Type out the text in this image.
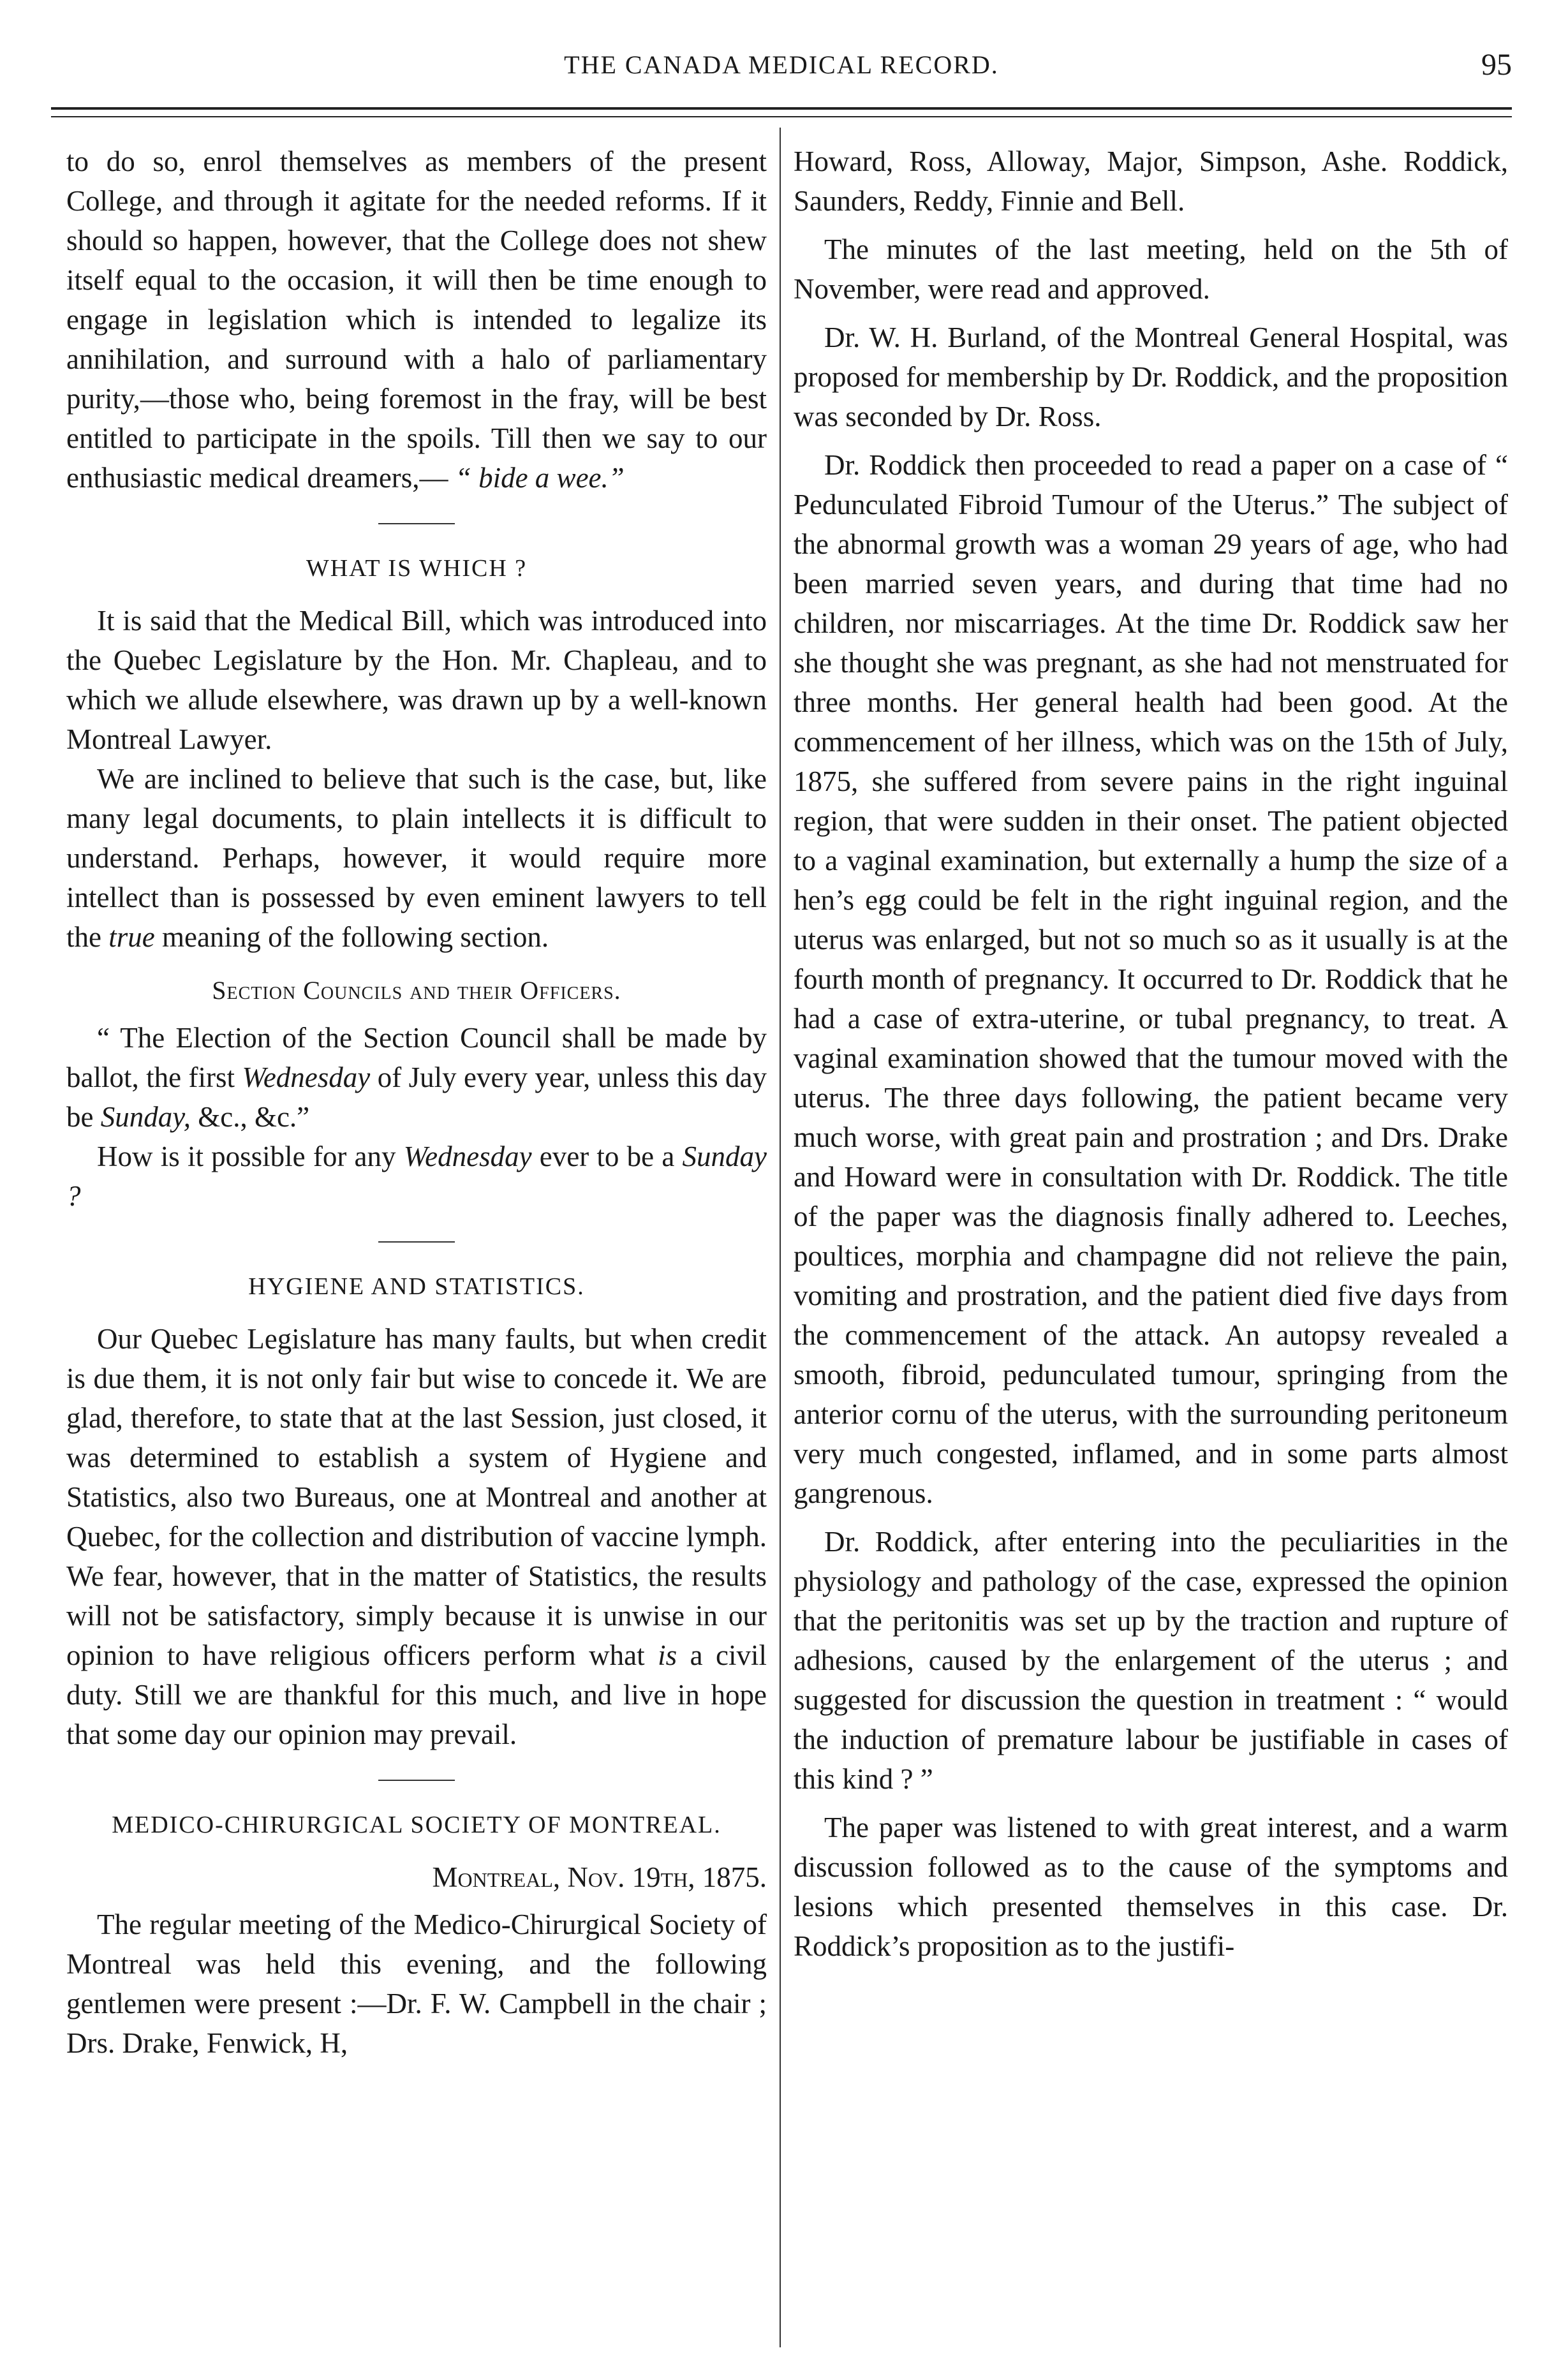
THE CANADA MEDICAL RECORD.	95

to do so, enrol themselves as members of the present College, and through it agitate for the needed reforms. If it should so happen, however, that the College does not shew itself equal to the occasion, it will then be time enough to engage in legislation which is intended to legalize its annihilation, and surround with a halo of parliamentary purity,—those who, being foremost in the fray, will be best entitled to participate in the spoils. Till then we say to our enthusiastic medical dreamers,— “ bide a wee.”

WHAT IS WHICH ?

It is said that the Medical Bill, which was introduced into the Quebec Legislature by the Hon. Mr. Chapleau, and to which we allude elsewhere, was drawn up by a well-known Montreal Lawyer.

We are inclined to believe that such is the case, but, like many legal documents, to plain intellects it is difficult to understand. Perhaps, however, it would require more intellect than is possessed by even eminent lawyers to tell the true meaning of the following section.

Section Councils and their Officers.

“ The Election of the Section Council shall be made by ballot, the first Wednesday of July every year, unless this day be Sunday, &c., &c.”

How is it possible for any Wednesday ever to be a Sunday ?

HYGIENE AND STATISTICS.

Our Quebec Legislature has many faults, but when credit is due them, it is not only fair but wise to concede it. We are glad, therefore, to state that at the last Session, just closed, it was determined to establish a system of Hygiene and Statistics, also two Bureaus, one at Montreal and another at Quebec, for the collection and distribution of vaccine lymph. We fear, however, that in the matter of Statistics, the results will not be satisfactory, simply because it is unwise in our opinion to have religious officers perform what is a civil duty. Still we are thankful for this much, and live in hope that some day our opinion may prevail.

MEDICO-CHIRURGICAL SOCIETY OF MONTREAL.
Montreal, Nov. 19th, 1875.

The regular meeting of the Medico-Chirurgical Society of Montreal was held this evening, and the following gentlemen were present :—Dr. F. W. Campbell in the chair ; Drs. Drake, Fenwick, H,

Howard, Ross, Alloway, Major, Simpson, Ashe. Roddick, Saunders, Reddy, Finnie and Bell.

The minutes of the last meeting, held on the 5th of November, were read and approved.

Dr. W. H. Burland, of the Montreal General Hospital, was proposed for membership by Dr. Roddick, and the proposition was seconded by Dr. Ross.

Dr. Roddick then proceeded to read a paper on a case of “ Pedunculated Fibroid Tumour of the Uterus.” The subject of the abnormal growth was a woman 29 years of age, who had been married seven years, and during that time had no children, nor miscarriages. At the time Dr. Roddick saw her she thought she was pregnant, as she had not menstruated for three months. Her general health had been good. At the commencement of her illness, which was on the 15th of July, 1875, she suffered from severe pains in the right inguinal region, that were sudden in their onset. The patient objected to a vaginal examination, but externally a hump the size of a hen’s egg could be felt in the right inguinal region, and the uterus was enlarged, but not so much so as it usually is at the fourth month of pregnancy. It occurred to Dr. Roddick that he had a case of extra-uterine, or tubal pregnancy, to treat. A vaginal examination showed that the tumour moved with the uterus. The three days following, the patient became very much worse, with great pain and prostration ; and Drs. Drake and Howard were in consultation with Dr. Roddick. The title of the paper was the diagnosis finally adhered to. Leeches, poultices, morphia and champagne did not relieve the pain, vomiting and prostration, and the patient died five days from the commencement of the attack. An autopsy revealed a smooth, fibroid, pedunculated tumour, springing from the anterior cornu of the uterus, with the surrounding peritoneum very much congested, inflamed, and in some parts almost gangrenous.

Dr. Roddick, after entering into the peculiarities in the physiology and pathology of the case, expressed the opinion that the peritonitis was set up by the traction and rupture of adhesions, caused by the enlargement of the uterus ; and suggested for discussion the question in treatment : “ would the induction of premature labour be justifiable in cases of this kind ? ”

The paper was listened to with great interest, and a warm discussion followed as to the cause of the symptoms and lesions which presented themselves in this case. Dr. Roddick’s proposition as to the justifi-
